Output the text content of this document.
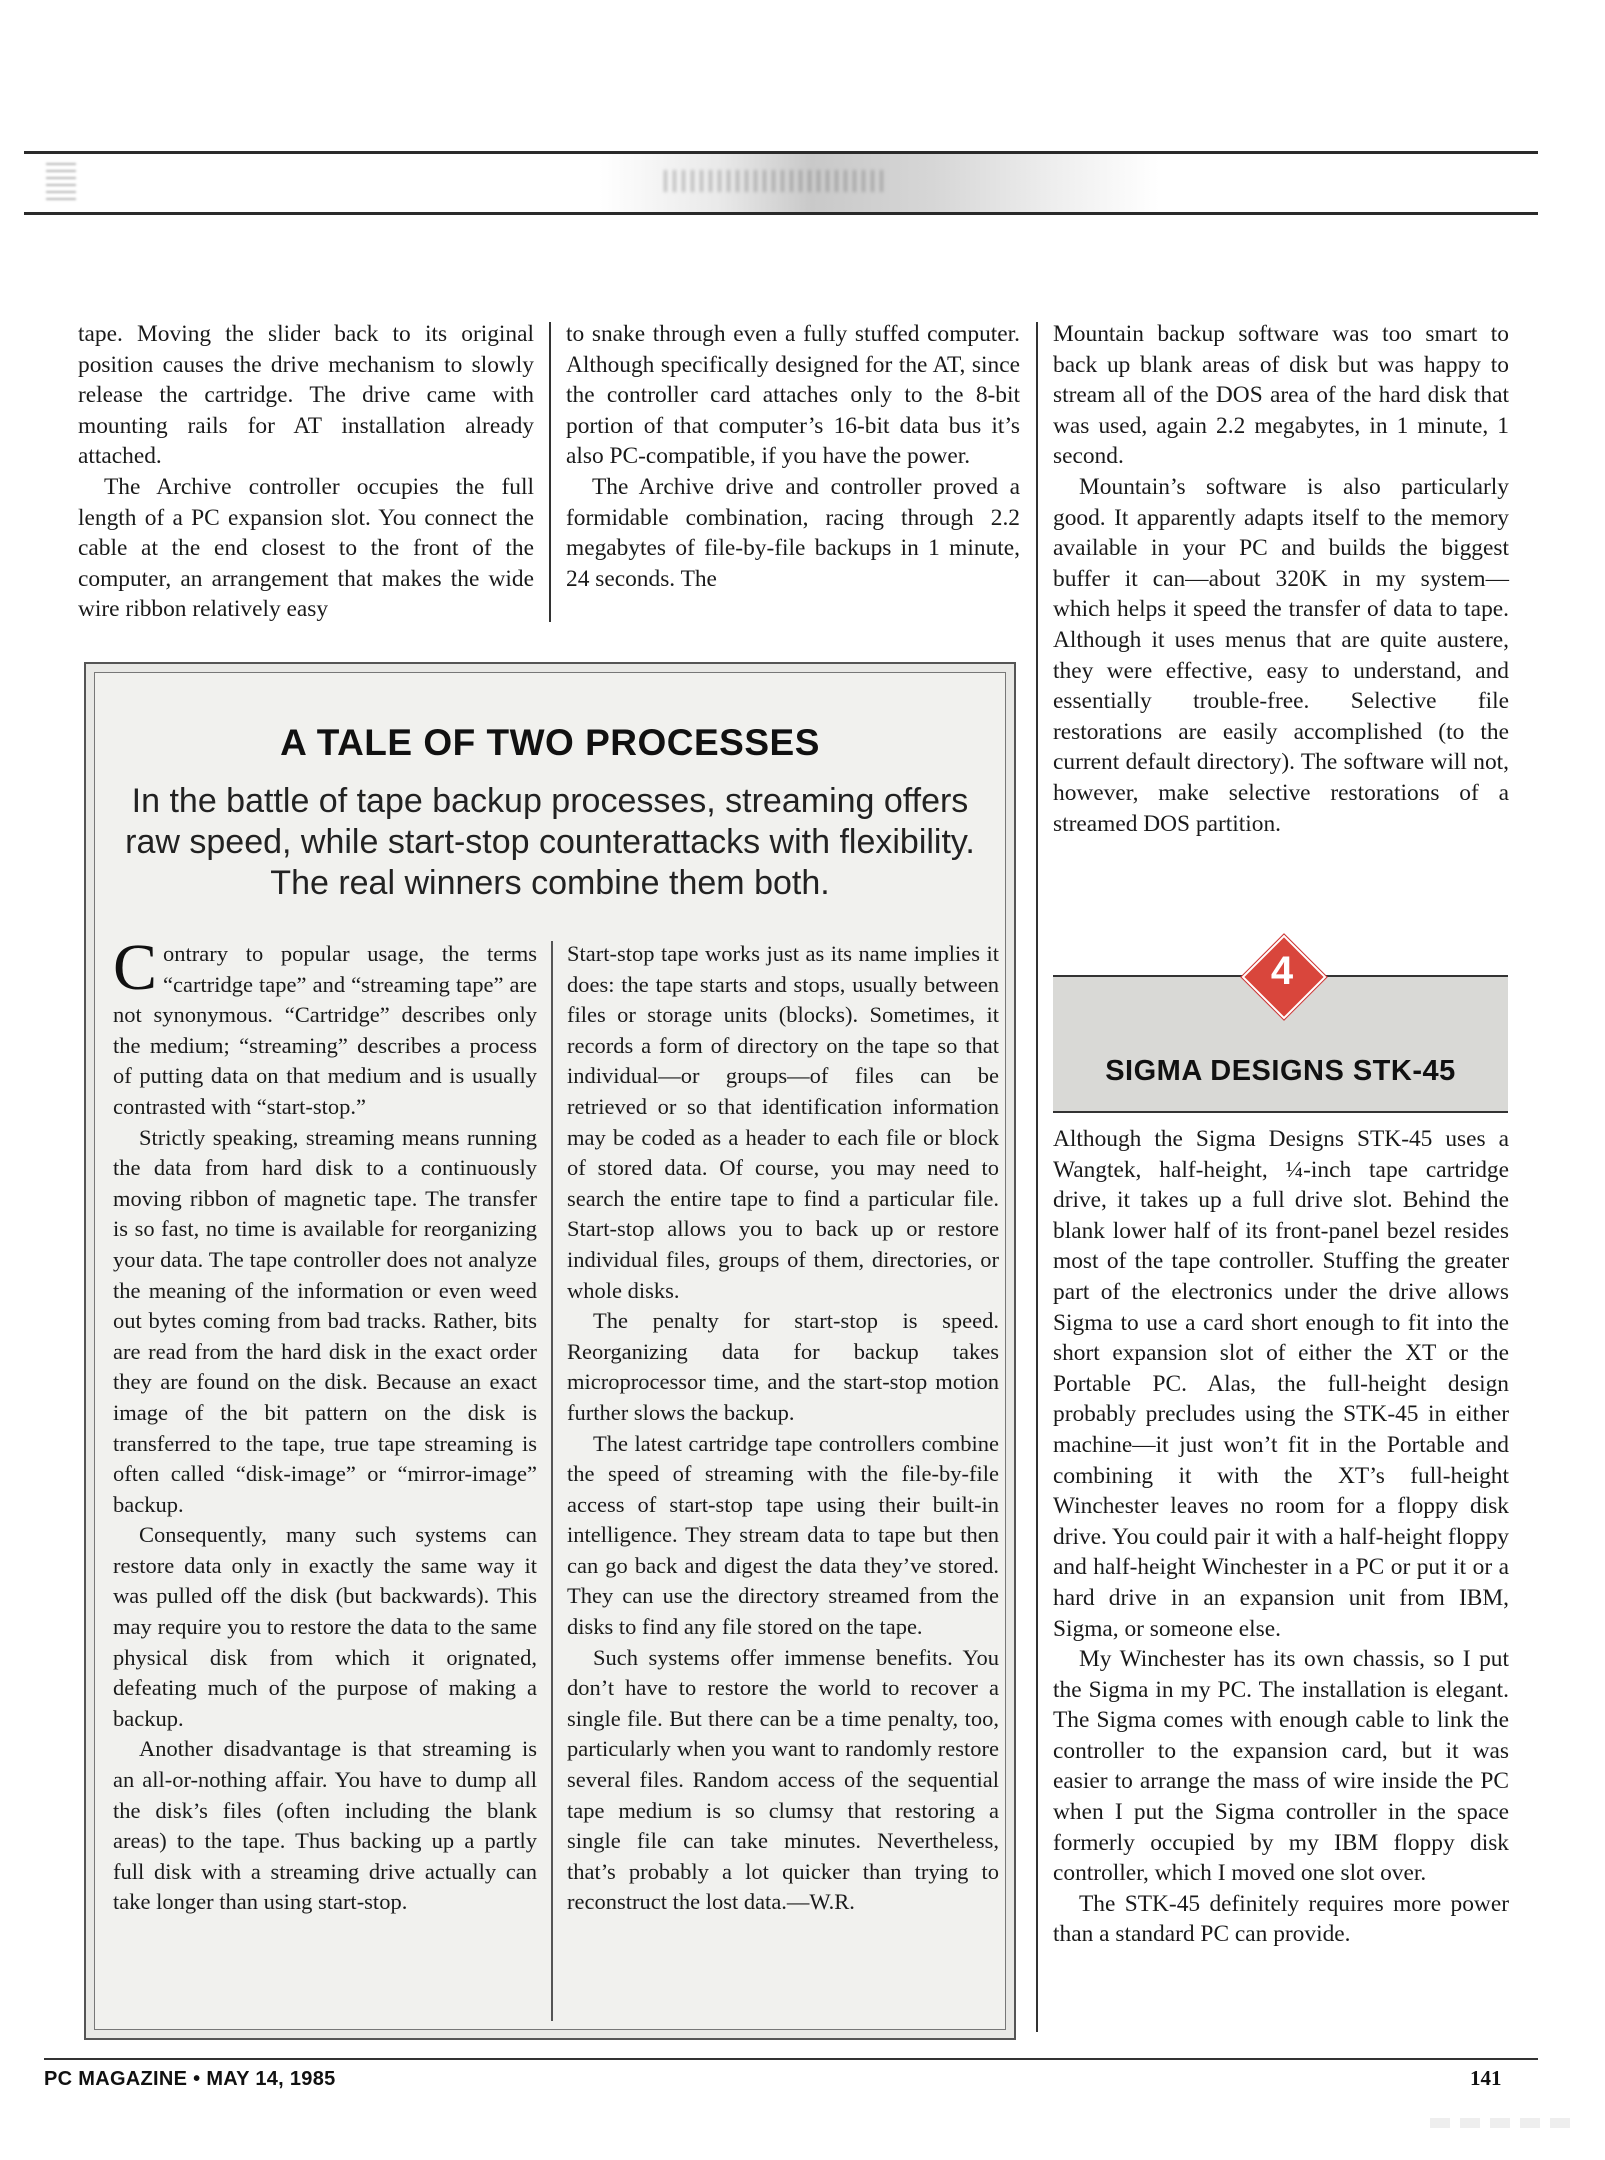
tape. Moving the slider back to its original position causes the drive mechanism to slowly release the cartridge. The drive came with mounting rails for AT installation already attached.

The Archive controller occupies the full length of a PC expansion slot. You connect the cable at the end closest to the front of the computer, an arrangement that makes the wide wire ribbon relatively easy

to snake through even a fully stuffed computer. Although specifically designed for the AT, since the controller card attaches only to the 8-bit portion of that computer’s 16-bit data bus it’s also PC-compatible, if you have the power.

The Archive drive and controller proved a formidable combination, racing through 2.2 megabytes of file-by-file backups in 1 minute, 24 seconds. The

Mountain backup software was too smart to back up blank areas of disk but was happy to stream all of the DOS area of the hard disk that was used, again 2.2 megabytes, in 1 minute, 1 second.

Mountain’s software is also particularly good. It apparently adapts itself to the memory available in your PC and builds the biggest buffer it can—about 320K in my system—which helps it speed the transfer of data to tape. Although it uses menus that are quite austere, they were effective, easy to understand, and essentially trouble-free. Selective file restorations are easily accomplished (to the current default directory). The software will not, however, make selective restorations of a streamed DOS partition.

A TALE OF TWO PROCESSES
In the battle of tape backup processes, streaming offers raw speed, while start-stop counterattacks with flexibility. The real winners combine them both.

Contrary to popular usage, the terms “cartridge tape” and “streaming tape” are not synonymous. “Cartridge” describes only the medium; “streaming” describes a process of putting data on that medium and is usually contrasted with “start-stop.”

Strictly speaking, streaming means running the data from hard disk to a continuously moving ribbon of magnetic tape. The transfer is so fast, no time is available for reorganizing your data. The tape controller does not analyze the meaning of the information or even weed out bytes coming from bad tracks. Rather, bits are read from the hard disk in the exact order they are found on the disk. Because an exact image of the bit pattern on the disk is transferred to the tape, true tape streaming is often called “disk-image” or “mirror-image” backup.

Consequently, many such systems can restore data only in exactly the same way it was pulled off the disk (but backwards). This may require you to restore the data to the same physical disk from which it orignated, defeating much of the purpose of making a backup.

Another disadvantage is that streaming is an all-or-nothing affair. You have to dump all the disk’s files (often including the blank areas) to the tape. Thus backing up a partly full disk with a streaming drive actually can take longer than using start-stop.

Start-stop tape works just as its name implies it does: the tape starts and stops, usually between files or storage units (blocks). Sometimes, it records a form of directory on the tape so that individual—or groups—of files can be retrieved or so that identification information may be coded as a header to each file or block of stored data. Of course, you may need to search the entire tape to find a particular file. Start-stop allows you to back up or restore individual files, groups of them, directories, or whole disks.

The penalty for start-stop is speed. Reorganizing data for backup takes microprocessor time, and the start-stop motion further slows the backup.

The latest cartridge tape controllers combine the speed of streaming with the file-by-file access of start-stop tape using their built-in intelligence. They stream data to tape but then can go back and digest the data they’ve stored. They can use the directory streamed from the disks to find any file stored on the tape.

Such systems offer immense benefits. You don’t have to restore the world to recover a single file. But there can be a time penalty, too, particularly when you want to randomly restore several files. Random access of the sequential tape medium is so clumsy that restoring a single file can take minutes. Nevertheless, that’s probably a lot quicker than trying to reconstruct the lost data.—W.R.

SIGMA DESIGNS STK-45
4

Although the Sigma Designs STK-45 uses a Wangtek, half-height, ¼-inch tape cartridge drive, it takes up a full drive slot. Behind the blank lower half of its front-panel bezel resides most of the tape controller. Stuffing the greater part of the electronics under the drive allows Sigma to use a card short enough to fit into the short expansion slot of either the XT or the Portable PC. Alas, the full-height design probably precludes using the STK-45 in either machine—it just won’t fit in the Portable and combining it with the XT’s full-height Winchester leaves no room for a floppy disk drive. You could pair it with a half-height floppy and half-height Winchester in a PC or put it or a hard drive in an expansion unit from IBM, Sigma, or someone else.

My Winchester has its own chassis, so I put the Sigma in my PC. The installation is elegant. The Sigma comes with enough cable to link the controller to the expansion card, but it was easier to arrange the mass of wire inside the PC when I put the Sigma controller in the space formerly occupied by my IBM floppy disk controller, which I moved one slot over.

The STK-45 definitely requires more power than a standard PC can provide.

PC MAGAZINE • MAY 14, 1985	141
